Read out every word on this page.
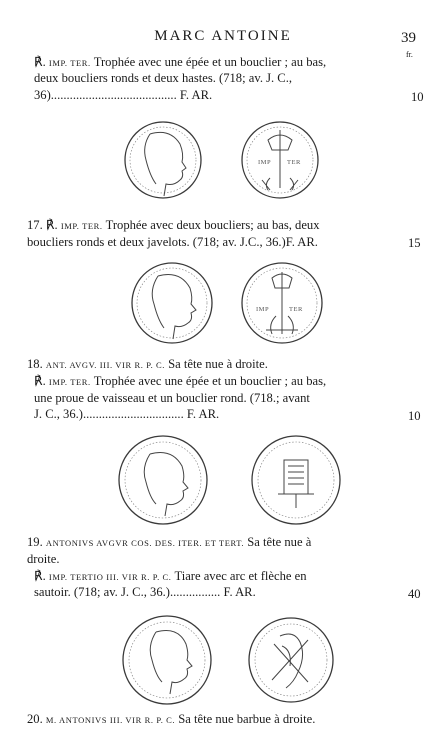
MARC ANTOINE	39
fr.
℟. IMP. TER. Trophée avec une épée et un bouclier ; au bas,
deux boucliers ronds et deux hastes. (718; av. J. C.,
36)........................................ F. AR.	10
IMP TER
17. ℟. IMP. TER. Trophée avec deux boucliers; au bas, deux
boucliers ronds et deux javelots. (718; av. J.C., 36.)F. AR.	15
IMP	TER
18. ANT. AVGV. III. VIR R. P. C. Sa tête nue à droite.
℟. IMP. TER. Trophée avec une épée et un bouclier ; au bas,
une proue de vaisseau et un bouclier rond. (718.; avant
J. C., 36.)................................ F. AR.	10
19. ANTONIVS AVGVR COS. DES. ITER. ET TERT. Sa tête nue à
droite.
℟. IMP. TERTIO III. VIR R. P. C. Tiare avec arc et flèche en
sautoir. (718; av. J. C., 36.)................ F. AR.	40
20. M. ANTONIVS III. VIR R. P. C. Sa tête nue barbue à droite.
